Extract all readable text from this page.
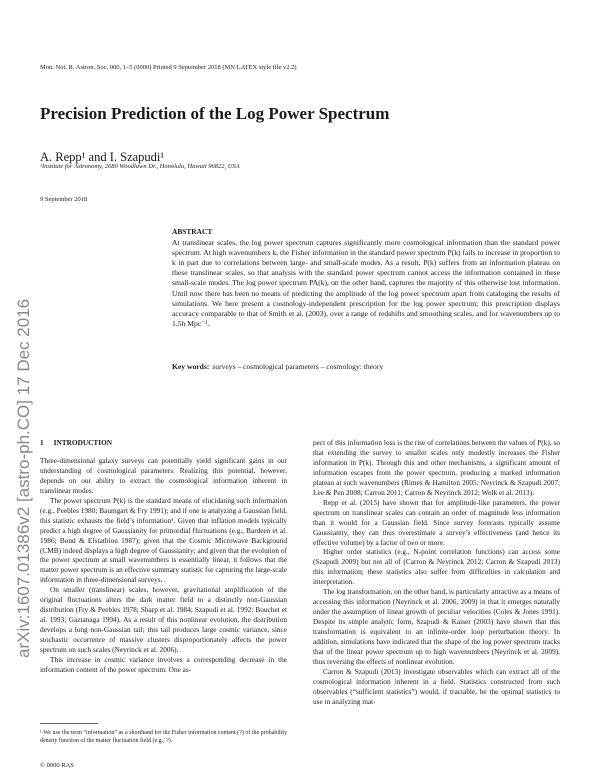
Mon. Not. R. Astron. Soc. 000, 1–5 (0000) Printed 9 September 2018 (MN LATEX style file v2.2)
arXiv:1607.01386v2 [astro-ph.CO] 17 Dec 2016
Precision Prediction of the Log Power Spectrum
A. Repp¹ and I. Szapudi¹
¹Institute for Astronomy, 2680 Woodlawn Dr., Honolulu, Hawaii 96822, USA
9 September 2018
ABSTRACT
At translinear scales, the log power spectrum captures significantly more cosmological information than the standard power spectrum. At high wavenumbers k, the Fisher information in the standard power spectrum P(k) fails to increase in proportion to k in part due to correlations between large- and small-scale modes. As a result, P(k) suffers from an information plateau on these translinear scales, so that analysis with the standard power spectrum cannot access the information contained in these small-scale modes. The log power spectrum PA(k), on the other hand, captures the majority of this otherwise lost information. Until now there has been no means of predicting the amplitude of the log power spectrum apart from cataloging the results of simulations. We here present a cosmology-independent prescription for the log power spectrum; this prescription displays accuracy comparable to that of Smith et al. (2003), over a range of redshifts and smoothing scales, and for wavenumbers up to 1.5h Mpc⁻¹.
Key words: surveys – cosmological parameters – cosmology: theory
1 INTRODUCTION

Three-dimensional galaxy surveys can potentially yield significant gains in our understanding of cosmological parameters. Realizing this potential, however, depends on our ability to extract the cosmological information inherent in translinear modes.

The power spectrum P(k) is the standard means of elucidating such information (e.g., Peebles 1980; Baumgart & Fry 1991); and if one is analyzing a Gaussian field, this statistic exhausts the field’s information¹. Given that inflation models typically predict a high degree of Gaussianity for primordial fluctuations (e.g., Bardeen et al. 1986; Bond & Efstathiou 1987); given that the Cosmic Microwave Background (CMB) indeed displays a high degree of Gaussianity; and given that the evolution of the power spectrum at small wavenumbers is essentially linear, it follows that the matter power spectrum is an effective summary statistic for capturing the large-scale information in three-dimensional surveys.

On smaller (translinear) scales, however, gravitational amplification of the original fluctuations alters the dark matter field to a distinctly non-Gaussian distribution (Fry & Peebles 1978; Sharp et al. 1984; Szapudi et al. 1992; Bouchet et al. 1993; Gaztanaga 1994). As a result of this nonlinear evolution, the distribution develops a long non-Gaussian tail; this tail produces large cosmic variance, since stochastic occurrence of massive clusters disproportionately affects the power spectrum on such scales (Neyrinck et al. 2006).

This increase in cosmic variance involves a corresponding decrease in the information content of the power spectrum. One as-

pect of this information loss is the rise of correlations between the values of P(k), so that extending the survey to smaller scales only modestly increases the Fisher information in P(k). Through this and other mechanisms, a significant amount of information escapes from the power spectrum, producing a marked information plateau at such wavenumbers (Rimes & Hamilton 2005; Neyrinck & Szapudi 2007; Lee & Pen 2008; Carron 2011; Carron & Neyrinck 2012; Wolk et al. 2013).

Repp et al. (2015) have shown that for amplitude-like parameters, the power spectrum on translinear scales can contain an order of magnitude less information than it would for a Gaussian field. Since survey forecasts typically assume Gaussianity, they can thus overestimate a survey’s effectiveness (and hence its effective volume) by a factor of two or more.

Higher order statistics (e.g., N-point correlation functions) can access some (Szapudi 2009) but not all of (Carron & Neyrinck 2012; Carron & Szapudi 2013) this information; these statistics also suffer from difficulties in calculation and interpretation.

The log transformation, on the other hand, is particularly attractive as a means of accessing this information (Neyrinck et al. 2006, 2009) in that it emerges naturally under the assumption of linear growth of peculiar velocities (Coles & Jones 1991). Despite its simple analytic form, Szapudi & Kaiser (2003) have shown that this transformation is equivalent to an infinite-order loop perturbation theory. In addition, simulations have indicated that the shape of the log power spectrum tracks that of the linear power spectrum up to high wavenumbers (Neyrinck et al. 2009), thus reversing the effects of nonlinear evolution.

Carron & Szapudi (2013) investigate observables which can extract all of the cosmological information inherent in a field. Statistics constructed from such observables (“sufficient statistics”) would, if tractable, be the optimal statistics to use in analyzing mat-

¹ We use the term “information” as a shorthand for the Fisher information content (?) of the probability density function of the matter fluctuation field (e.g., ?).
© 0000 RAS
